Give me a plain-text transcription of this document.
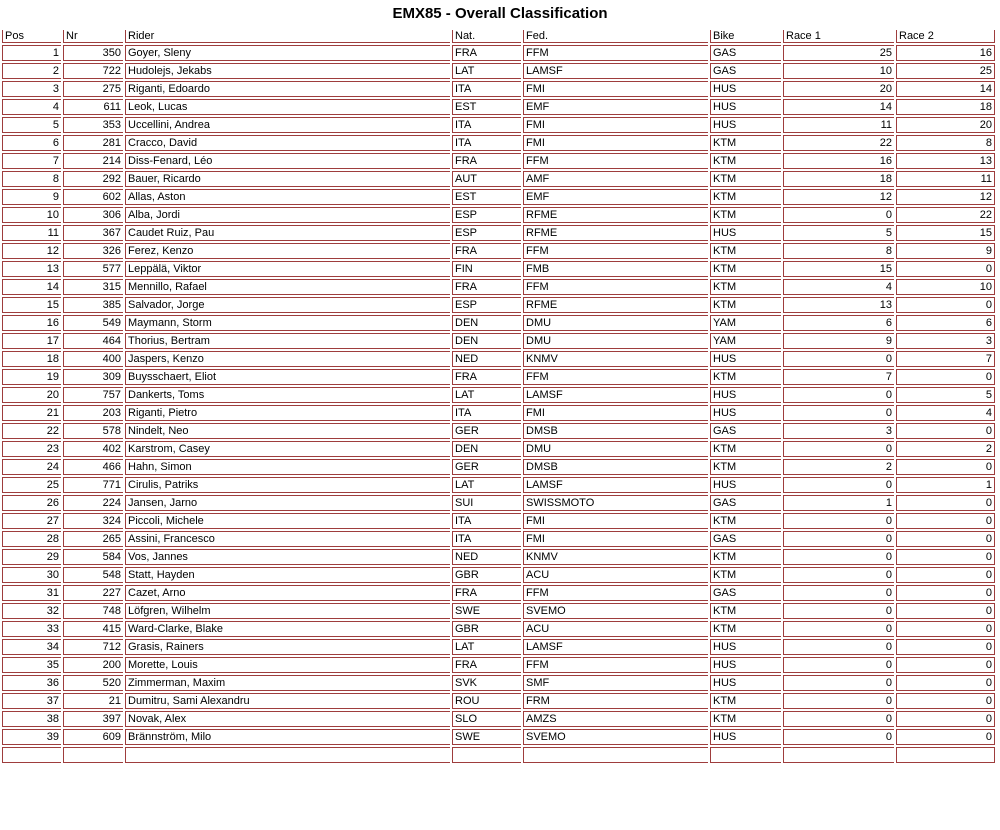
EMX85 - Overall Classification
Pos	Nr	Rider	Nat.	Fed.	Bike	Race 1	Race 2
1	350	Goyer, Sleny	FRA	FFM	GAS	25	16
2	722	Hudolejs, Jekabs	LAT	LAMSF	GAS	10	25
3	275	Riganti, Edoardo	ITA	FMI	HUS	20	14
4	611	Leok, Lucas	EST	EMF	HUS	14	18
5	353	Uccellini, Andrea	ITA	FMI	HUS	11	20
6	281	Cracco, David	ITA	FMI	KTM	22	8
7	214	Diss-Fenard, Léo	FRA	FFM	KTM	16	13
8	292	Bauer, Ricardo	AUT	AMF	KTM	18	11
9	602	Allas, Aston	EST	EMF	KTM	12	12
10	306	Alba, Jordi	ESP	RFME	KTM	0	22
11	367	Caudet Ruiz, Pau	ESP	RFME	HUS	5	15
12	326	Ferez, Kenzo	FRA	FFM	KTM	8	9
13	577	Leppälä, Viktor	FIN	FMB	KTM	15	0
14	315	Mennillo, Rafael	FRA	FFM	KTM	4	10
15	385	Salvador, Jorge	ESP	RFME	KTM	13	0
16	549	Maymann, Storm	DEN	DMU	YAM	6	6
17	464	Thorius, Bertram	DEN	DMU	YAM	9	3
18	400	Jaspers, Kenzo	NED	KNMV	HUS	0	7
19	309	Buysschaert, Eliot	FRA	FFM	KTM	7	0
20	757	Dankerts, Toms	LAT	LAMSF	HUS	0	5
21	203	Riganti, Pietro	ITA	FMI	HUS	0	4
22	578	Nindelt, Neo	GER	DMSB	GAS	3	0
23	402	Karstrom, Casey	DEN	DMU	KTM	0	2
24	466	Hahn, Simon	GER	DMSB	KTM	2	0
25	771	Cirulis, Patriks	LAT	LAMSF	HUS	0	1
26	224	Jansen, Jarno	SUI	SWISSMOTO	GAS	1	0
27	324	Piccoli, Michele	ITA	FMI	KTM	0	0
28	265	Assini, Francesco	ITA	FMI	GAS	0	0
29	584	Vos, Jannes	NED	KNMV	KTM	0	0
30	548	Statt, Hayden	GBR	ACU	KTM	0	0
31	227	Cazet, Arno	FRA	FFM	GAS	0	0
32	748	Löfgren, Wilhelm	SWE	SVEMO	KTM	0	0
33	415	Ward-Clarke, Blake	GBR	ACU	KTM	0	0
34	712	Grasis, Rainers	LAT	LAMSF	HUS	0	0
35	200	Morette, Louis	FRA	FFM	HUS	0	0
36	520	Zimmerman, Maxim	SVK	SMF	HUS	0	0
37	21	Dumitru, Sami Alexandru	ROU	FRM	KTM	0	0
38	397	Novak, Alex	SLO	AMZS	KTM	0	0
39	609	Brännström, Milo	SWE	SVEMO	HUS	0	0
